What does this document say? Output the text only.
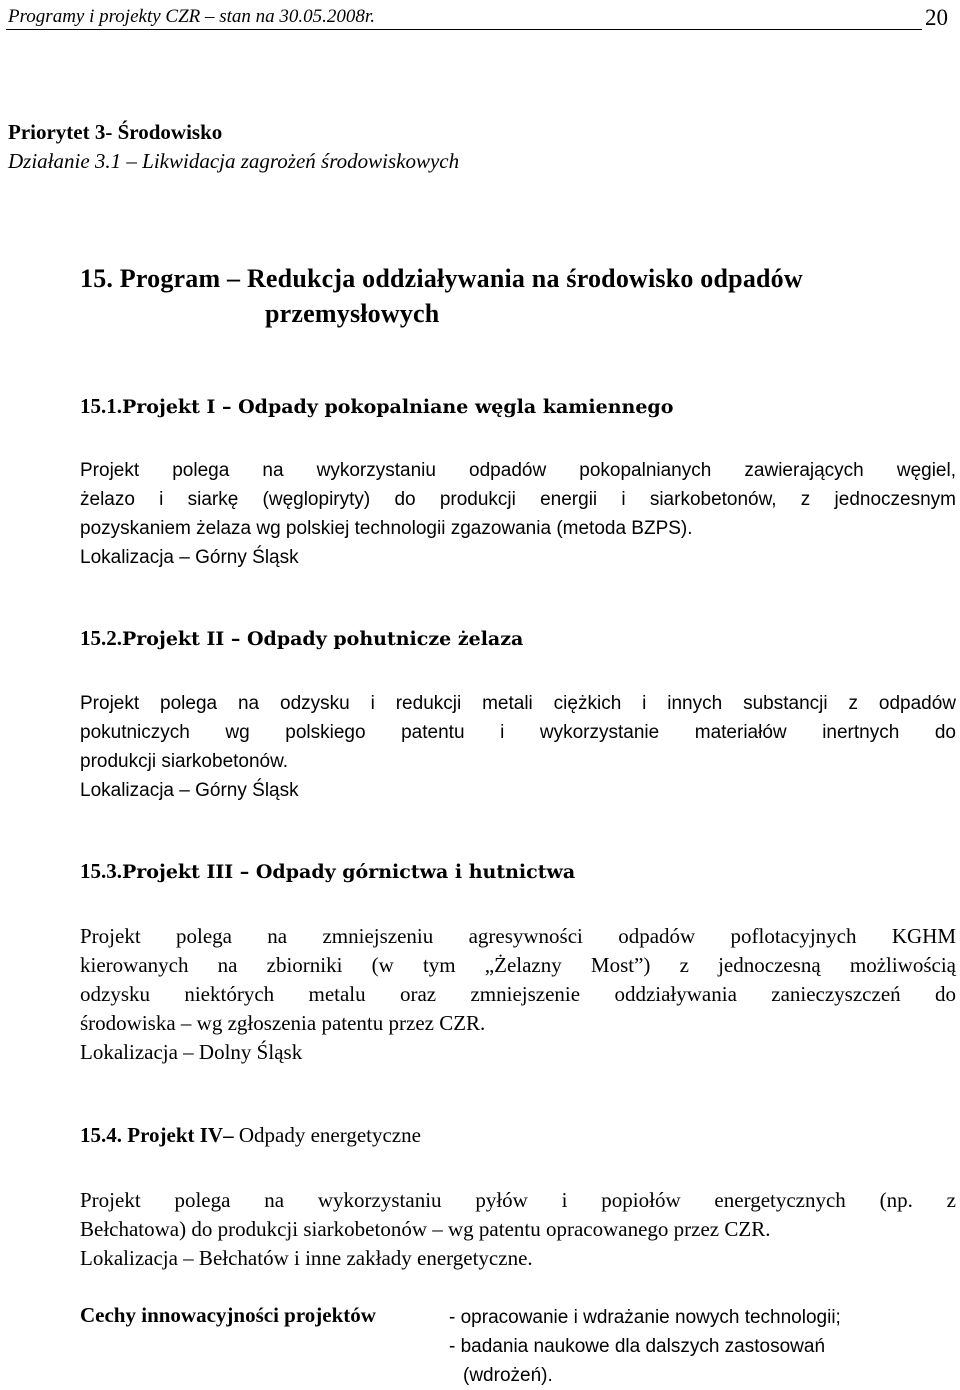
Programy i projekty CZR – stan na 30.05.2008r.	20
Priorytet 3- Środowisko
Działanie 3.1 – Likwidacja zagrożeń środowiskowych
15. Program – Redukcja oddziaływania na środowisko odpadów
przemysłowych
15.1.Projekt I – Odpady pokopalniane węgla kamiennego
Projekt polega na wykorzystaniu odpadów pokopalnianych zawierających węgiel,
żelazo i siarkę (węglopiryty) do produkcji energii i siarkobetonów, z jednoczesnym
pozyskaniem żelaza wg polskiej technologii zgazowania (metoda BZPS).
Lokalizacja – Górny Śląsk
15.2.Projekt II – Odpady pohutnicze żelaza
Projekt polega na odzysku i redukcji metali ciężkich i innych substancji z odpadów
pokutniczych wg polskiego patentu i wykorzystanie materiałów inertnych do
produkcji siarkobetonów.
Lokalizacja – Górny Śląsk
15.3.Projekt III – Odpady górnictwa i hutnictwa
Projekt polega na zmniejszeniu agresywności odpadów poflotacyjnych KGHM
kierowanych na zbiorniki (w tym „Żelazny Most”) z jednoczesną możliwością
odzysku niektórych metalu oraz zmniejszenie oddziaływania zanieczyszczeń do
środowiska – wg zgłoszenia patentu przez CZR.
Lokalizacja – Dolny Śląsk
15.4. Projekt IV– Odpady energetyczne
Projekt polega na wykorzystaniu pyłów i popiołów energetycznych (np. z
Bełchatowa) do produkcji siarkobetonów – wg patentu opracowanego przez CZR.
Lokalizacja – Bełchatów i inne zakłady energetyczne.
Cechy innowacyjności projektów	- opracowanie i wdrażanie nowych technologii;
- badania naukowe dla dalszych zastosowań
(wdrożeń).
